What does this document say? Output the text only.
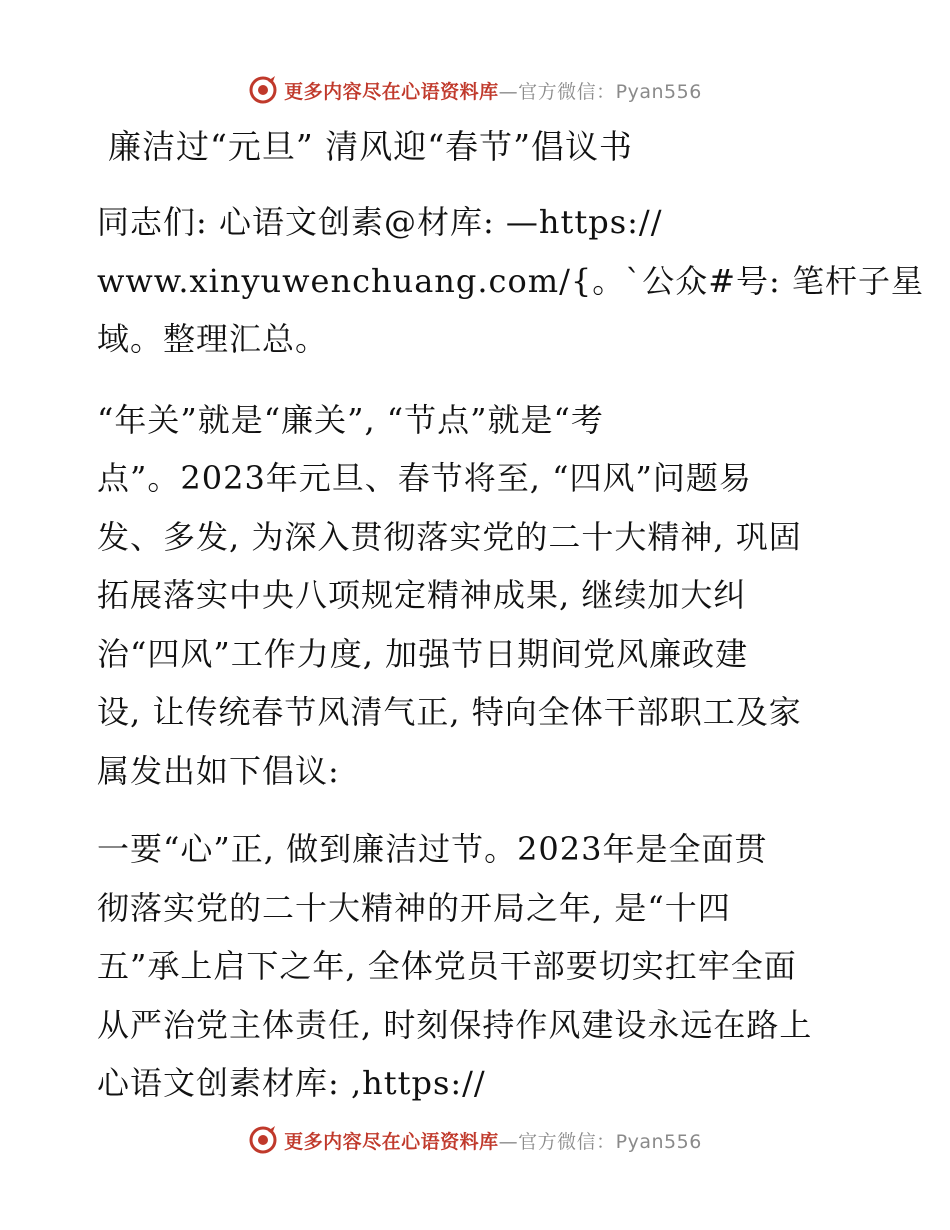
更多内容尽在心语资料库—官方微信：Pyan556
廉洁过“元旦” 清风迎“春节”倡议书

同志们: 心语文创素@材库: —https://
www.xinyuwenchuang.com/{。`公众#号: 笔杆子星
域。整理汇总。

“年关”就是“廉关”, “节点”就是“考
点”。2023年元旦、春节将至, “四风”问题易
发、多发, 为深入贯彻落实党的二十大精神, 巩固
拓展落实中央八项规定精神成果, 继续加大纠
治“四风”工作力度, 加强节日期间党风廉政建
设, 让传统春节风清气正, 特向全体干部职工及家
属发出如下倡议:

一要“心”正, 做到廉洁过节。2023年是全面贯
彻落实党的二十大精神的开局之年, 是“十四
五”承上启下之年, 全体党员干部要切实扛牢全面
从严治党主体责任, 时刻保持作风建设永远在路上
心语文创素材库: ,https://

更多内容尽在心语资料库—官方微信：Pyan556
